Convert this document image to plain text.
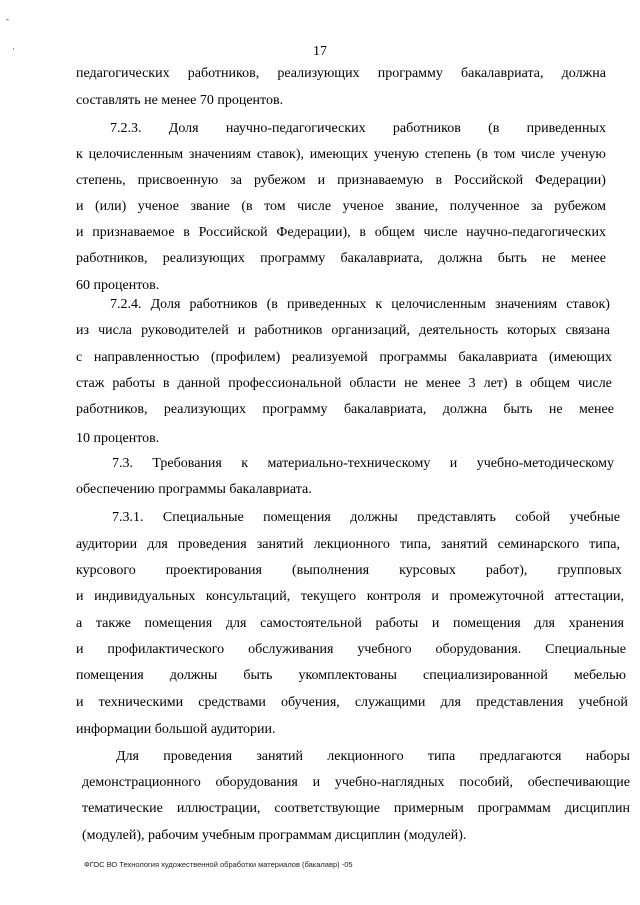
-
·	17
педагогических работников, реализующих программу бакалавриата, должна
составлять не менее 70 процентов.
7.2.3. Доля научно-педагогических работников (в приведенных
к целочисленным значениям ставок), имеющих ученую степень (в том числе ученую
степень, присвоенную за рубежом и признаваемую в Российской Федерации)
и (или) ученое звание (в том числе ученое звание, полученное за рубежом
и признаваемое в Российской Федерации), в общем числе научно-педагогических
работников, реализующих программу бакалавриата, должна быть не менее
60 процентов.
7.2.4. Доля работников (в приведенных к целочисленным значениям ставок)
из числа руководителей и работников организаций, деятельность которых связана
с направленностью (профилем) реализуемой программы бакалавриата (имеющих
стаж работы в данной профессиональной области не менее 3 лет) в общем числе
работников, реализующих программу бакалавриата, должна быть не менее
10 процентов.
7.3. Требования к материально-техническому и учебно-методическому
обеспечению программы бакалавриата.
7.3.1. Специальные помещения должны представлять собой учебные
аудитории для проведения занятий лекционного типа, занятий семинарского типа,
курсового проектирования (выполнения курсовых работ), групповых
и индивидуальных консультаций, текущего контроля и промежуточной аттестации,
а также помещения для самостоятельной работы и помещения для хранения
и профилактического обслуживания учебного оборудования. Специальные
помещения должны быть укомплектованы специализированной мебелью
и техническими средствами обучения, служащими для представления учебной
информации большой аудитории.
Для проведения занятий лекционного типа предлагаются наборы
демонстрационного оборудования и учебно-наглядных пособий, обеспечивающие
тематические иллюстрации, соответствующие примерным программам дисциплин
(модулей), рабочим учебным программам дисциплин (модулей).
ФГОС ВО Технология художественной обработки материалов (бакалавр) -05
